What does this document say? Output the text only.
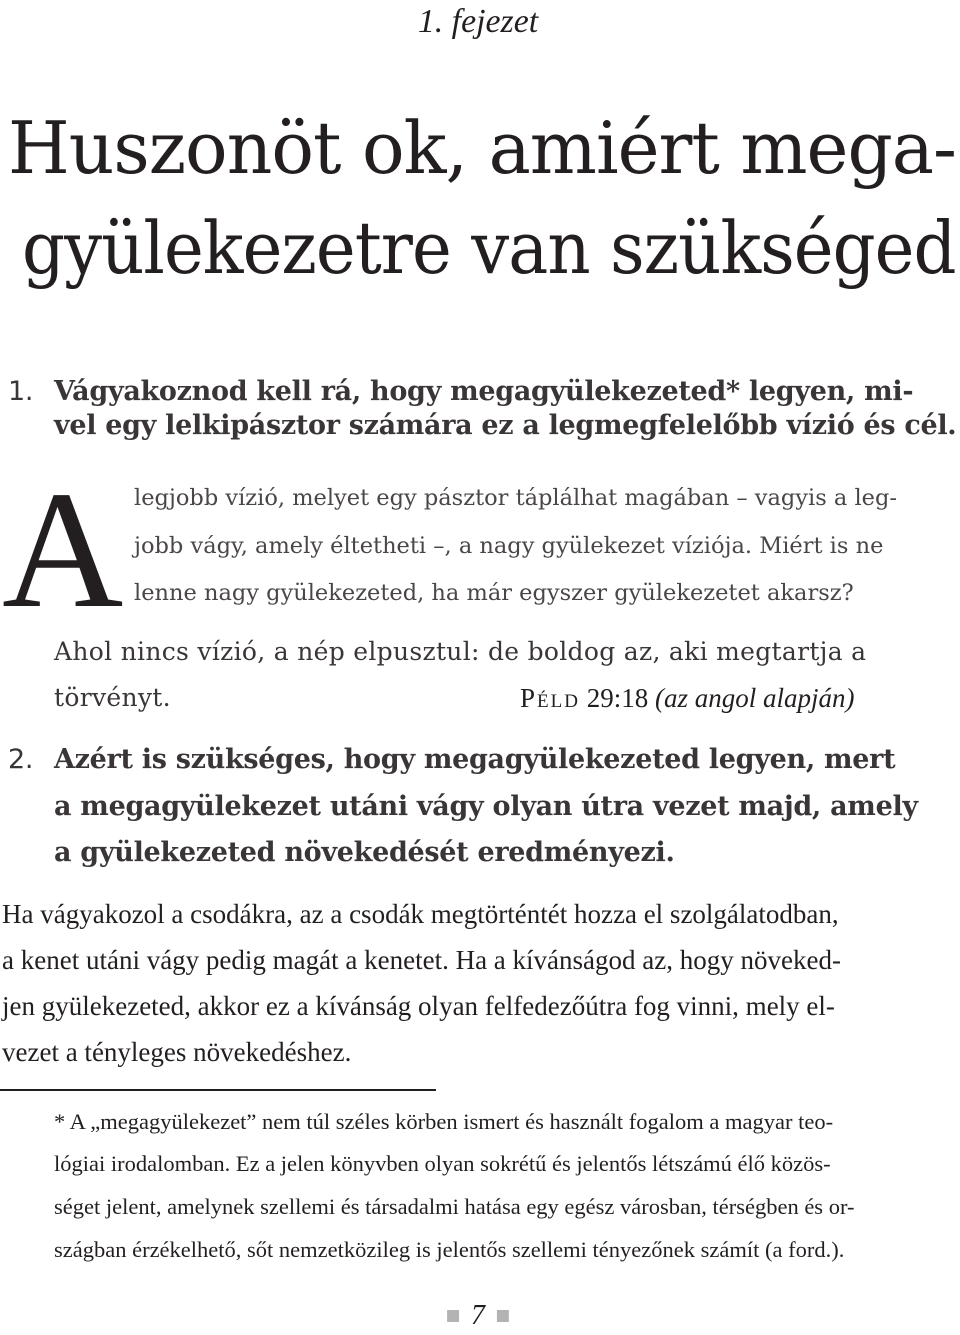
1. fejezet
Huszonöt ok, amiért mega-
gyülekezetre van szükséged
1. Vágyakoznod kell rá, hogy megagyülekezeted* legyen, mi-
vel egy lelkipásztor számára ez a legmegfelelőbb vízió és cél.
A legjobb vízió, melyet egy pásztor táplálhat magában – vagyis a leg-
jobb vágy, amely éltetheti –, a nagy gyülekezet víziója. Miért is ne
lenne nagy gyülekezeted, ha már egyszer gyülekezetet akarsz?
Ahol nincs vízió, a nép elpusztul: de boldog az, aki megtartja a
törvényt.	Péld 29:18 (az angol alapján)
2. Azért is szükséges, hogy megagyülekezeted legyen, mert
a megagyülekezet utáni vágy olyan útra vezet majd, amely
a gyülekezeted növekedését eredményezi.
Ha vágyakozol a csodákra, az a csodák megtörténtét hozza el szolgálatodban,
a kenet utáni vágy pedig magát a kenetet. Ha a kívánságod az, hogy növeked-
jen gyülekezeted, akkor ez a kívánság olyan felfedezőútra fog vinni, mely el-
vezet a tényleges növekedéshez.
* A „megagyülekezet” nem túl széles körben ismert és használt fogalom a magyar teo-
lógiai irodalomban. Ez a jelen könyvben olyan sokrétű és jelentős létszámú élő közös-
séget jelent, amelynek szellemi és társadalmi hatása egy egész városban, térségben és or-
szágban érzékelhető, sőt nemzetközileg is jelentős szellemi tényezőnek számít (a ford.).
7
